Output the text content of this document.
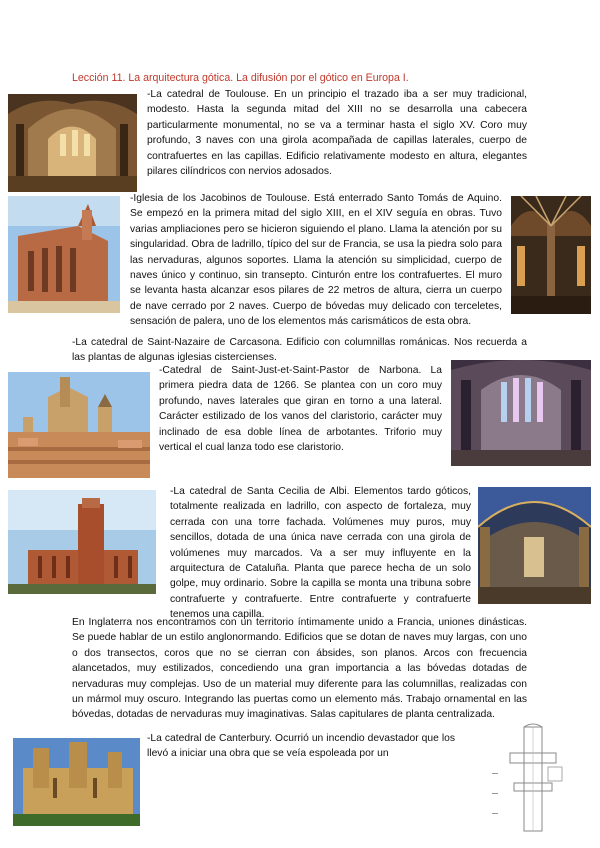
Lección 11. La arquitectura gótica. La difusión por el gótico en Europa I.

-La catedral de Toulouse. En un principio el trazado iba a ser muy tradicional, modesto. Hasta la segunda mitad del XIII no se desarrolla una cabecera particularmente monumental, no se va a terminar hasta el siglo XV. Coro muy profundo, 3 naves con una girola acompañada de capillas laterales, cuerpo de contrafuertes en las capillas. Edificio relativamente modesto en altura, elegantes pilares cilíndricos con nervios adosados.

-Iglesia de los Jacobinos de Toulouse. Está enterrado Santo Tomás de Aquino. Se empezó en la primera mitad del siglo XIII, en el XIV seguía en obras. Tuvo varias ampliaciones pero se hicieron siguiendo el plano. Llama la atención por su singularidad. Obra de ladrillo, típico del sur de Francia, se usa la piedra solo para las nervaduras, algunos soportes. Llama la atención su simplicidad, cuerpo de naves único y continuo, sin transepto. Cinturón entre los contrafuertes. El muro se levanta hasta alcanzar esos pilares de 22 metros de altura, cierra un cuerpo de nave cerrado por 2 naves. Cuerpo de bóvedas muy delicado con terceletes, sensación de palera, uno de los elementos más carismáticos de esta obra.

-La catedral de Saint-Nazaire de Carcasona. Edificio con columnillas románicas. Nos recuerda a las plantas de algunas iglesias cistercienses.

-Catedral de Saint-Just-et-Saint-Pastor de Narbona. La primera piedra data de 1266. Se plantea con un coro muy profundo, naves laterales que giran en torno a una lateral. Carácter estilizado de los vanos del claristorio, carácter muy inclinado de esa doble línea de arbotantes. Triforio muy vertical el cual lanza todo ese claristorio.

-La catedral de Santa Cecilia de Albi. Elementos tardo góticos, totalmente realizada en ladrillo, con aspecto de fortaleza, muy cerrada con una torre fachada. Volúmenes muy puros, muy sencillos, dotada de una única nave cerrada con una girola de volúmenes muy marcados. Va a ser muy influyente en la arquitectura de Cataluña. Planta que parece hecha de un solo golpe, muy ordinario. Sobre la capilla se monta una tribuna sobre contrafuerte y contrafuerte. Entre contrafuerte y contrafuerte tenemos una capilla.

En Inglaterra nos encontramos con un territorio íntimamente unido a Francia, uniones dinásticas. Se puede hablar de un estilo anglonormando. Edificios que se dotan de naves muy largas, con uno o dos transectos, coros que no se cierran con ábsides, son planos. Arcos con frecuencia alancetados, muy estilizados, concediendo una gran importancia a las bóvedas dotadas de nervaduras muy complejas. Uso de un material muy diferente para las columnillas, realizadas con un mármol muy oscuro. Integrando las puertas como un elemento más. Trabajo ornamental en las bóvedas, dotadas de nervaduras muy imaginativas. Salas capitulares de planta centralizada.

-La catedral de Canterbury. Ocurrió un incendio devastador que los llevó a iniciar una obra que se veía espoleada por un
